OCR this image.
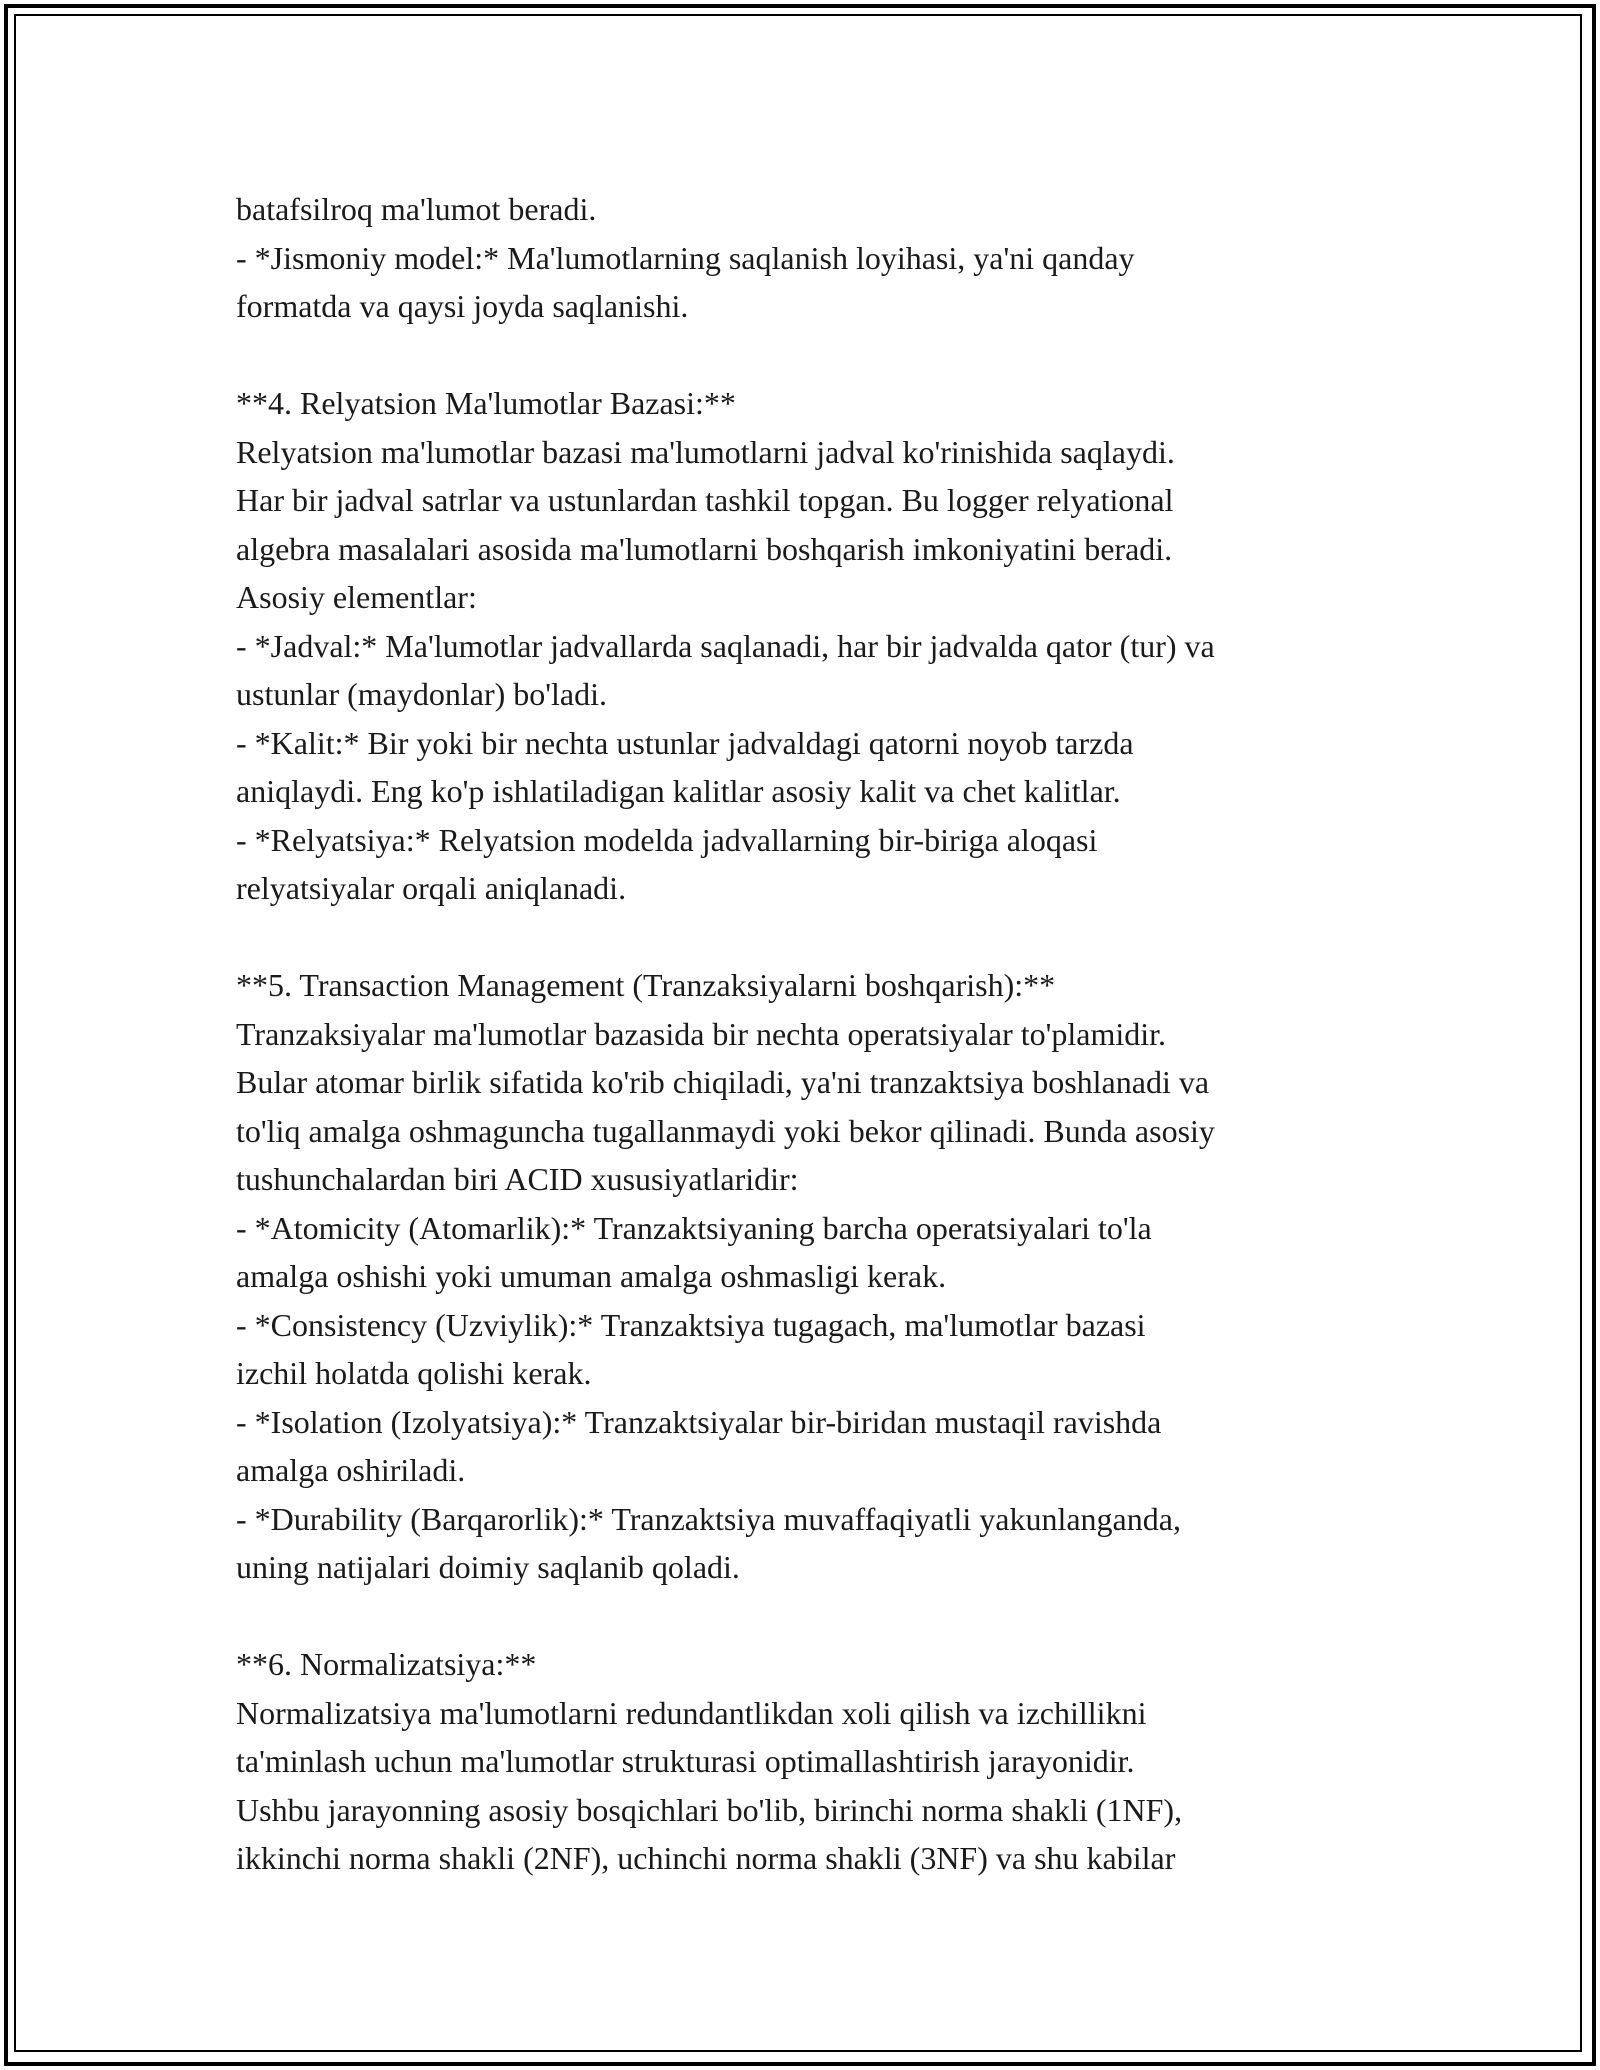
batafsilroq ma'lumot beradi.
- *Jismoniy model:* Ma'lumotlarning saqlanish loyihasi, ya'ni qanday
formatda va qaysi joyda saqlanishi.
**4. Relyatsion Ma'lumotlar Bazasi:**
Relyatsion ma'lumotlar bazasi ma'lumotlarni jadval ko'rinishida saqlaydi.
Har bir jadval satrlar va ustunlardan tashkil topgan. Bu logger relyational
algebra masalalari asosida ma'lumotlarni boshqarish imkoniyatini beradi.
Asosiy elementlar:
- *Jadval:* Ma'lumotlar jadvallarda saqlanadi, har bir jadvalda qator (tur) va
ustunlar (maydonlar) bo'ladi.
- *Kalit:* Bir yoki bir nechta ustunlar jadvaldagi qatorni noyob tarzda
aniqlaydi. Eng ko'p ishlatiladigan kalitlar asosiy kalit va chet kalitlar.
- *Relyatsiya:* Relyatsion modelda jadvallarning bir-biriga aloqasi
relyatsiyalar orqali aniqlanadi.
**5. Transaction Management (Tranzaksiyalarni boshqarish):**
Tranzaksiyalar ma'lumotlar bazasida bir nechta operatsiyalar to'plamidir.
Bular atomar birlik sifatida ko'rib chiqiladi, ya'ni tranzaktsiya boshlanadi va
to'liq amalga oshmaguncha tugallanmaydi yoki bekor qilinadi. Bunda asosiy
tushunchalardan biri ACID xususiyatlaridir:
- *Atomicity (Atomarlik):* Tranzaktsiyaning barcha operatsiyalari to'la
amalga oshishi yoki umuman amalga oshmasligi kerak.
- *Consistency (Uzviylik):* Tranzaktsiya tugagach, ma'lumotlar bazasi
izchil holatda qolishi kerak.
- *Isolation (Izolyatsiya):* Tranzaktsiyalar bir-biridan mustaqil ravishda
amalga oshiriladi.
- *Durability (Barqarorlik):* Tranzaktsiya muvaffaqiyatli yakunlanganda,
uning natijalari doimiy saqlanib qoladi.
**6. Normalizatsiya:**
Normalizatsiya ma'lumotlarni redundantlikdan xoli qilish va izchillikni
ta'minlash uchun ma'lumotlar strukturasi optimallashtirish jarayonidir.
Ushbu jarayonning asosiy bosqichlari bo'lib, birinchi norma shakli (1NF),
ikkinchi norma shakli (2NF), uchinchi norma shakli (3NF) va shu kabilar
